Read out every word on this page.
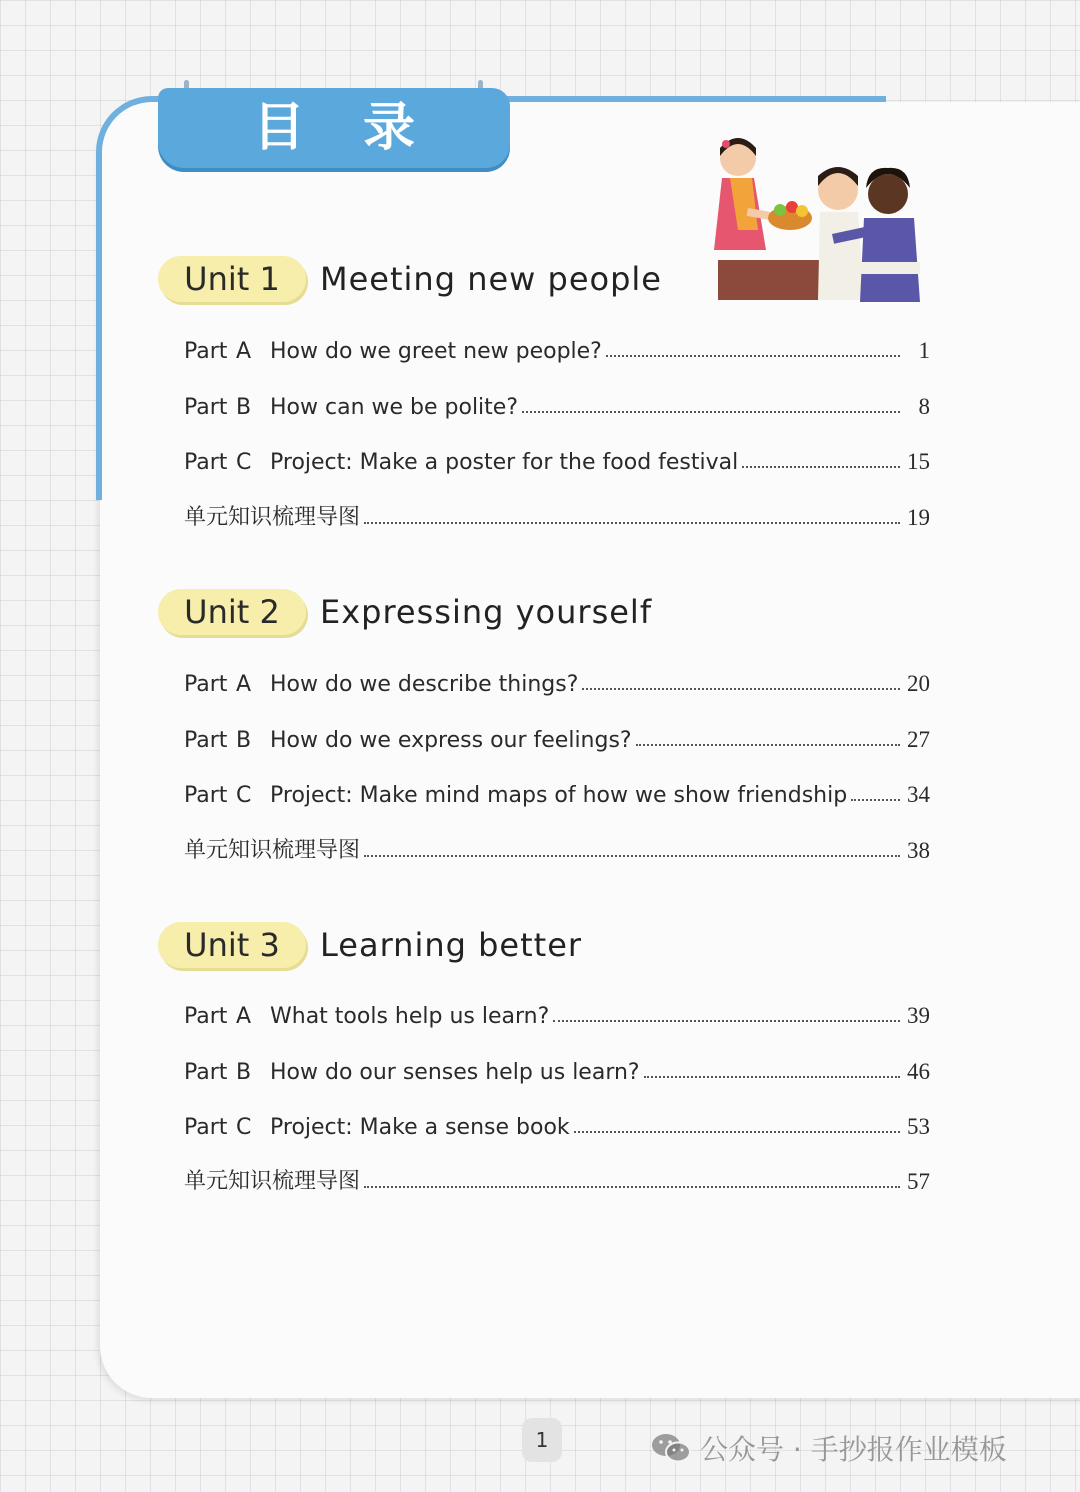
目 录
Unit 1	Meeting new people
Part A How do we greet new people?	1
Part B How can we be polite?	8
Part C Project: Make a poster for the food festival	15
单元知识梳理导图	19
Unit 2	Expressing yourself
Part A How do we describe things?	20
Part B How do we express our feelings?	27
Part C Project: Make mind maps of how we show friendship	34
单元知识梳理导图	38
Unit 3	Learning better
Part A What tools help us learn?	39
Part B How do our senses help us learn?	46
Part C Project: Make a sense book	53
单元知识梳理导图	57
1	公众号 · 手抄报作业模板
